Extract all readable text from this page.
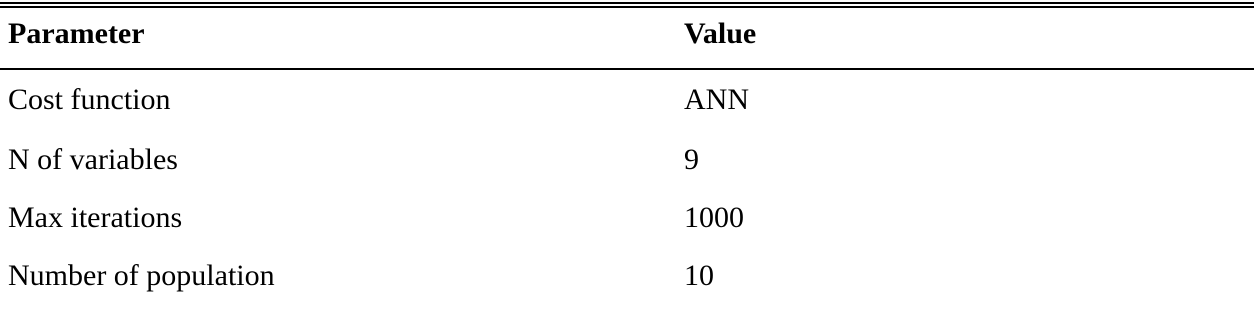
Parameter	Value
Cost function	ANN
N of variables	9
Max iterations	1000
Number of population	10
